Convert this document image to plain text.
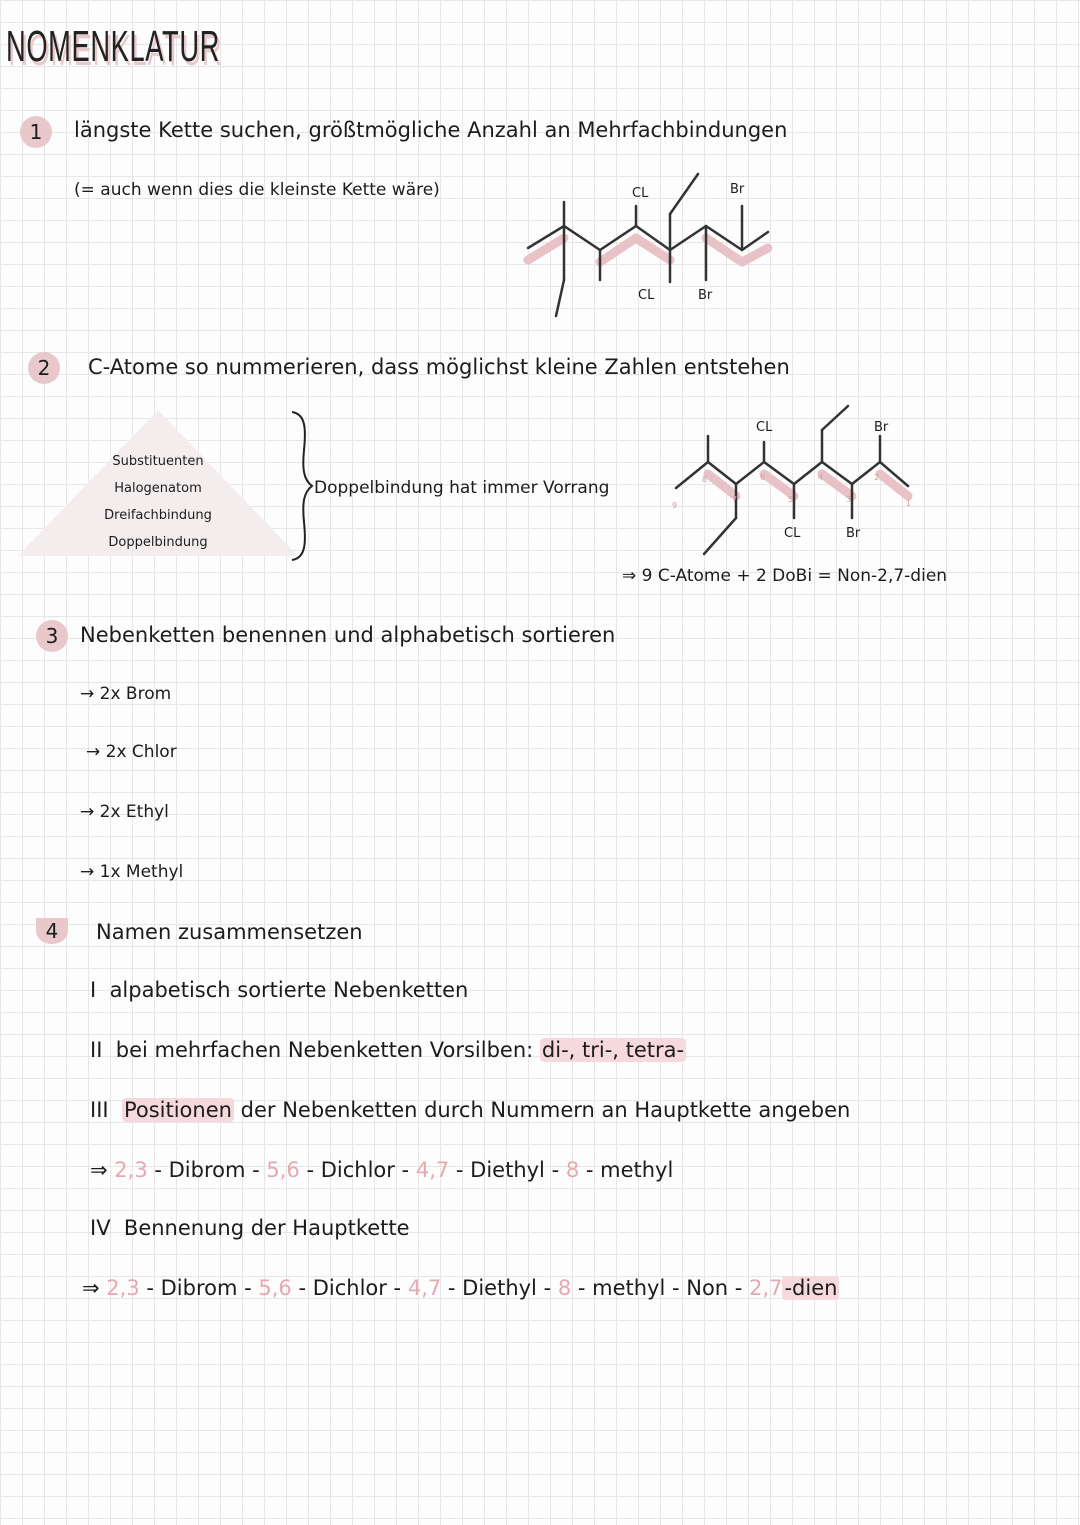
NOMENKLATUR
1	längste Kette suchen, größtmögliche Anzahl an Mehrfachbindungen
(= auch wenn dies die kleinste Kette wäre)	CL	Br
CL	Br
2	C-Atome so nummerieren, dass möglichst kleine Zahlen entstehen
Substituenten
Halogenatom
Dreifachbindung
Doppelbindung
Doppelbindung hat immer Vorrang
9
8
7
6
5
4
3
2
1
CL	Br
CL	Br
⇒ 9 C-Atome + 2 DoBi = Non-2,7-dien
3	Nebenketten benennen und alphabetisch sortieren
→ 2x Brom
→ 2x Chlor
→ 2x Ethyl
→ 1x Methyl
4	Namen zusammensetzen
I alpabetisch sortierte Nebenketten
II bei mehrfachen Nebenketten Vorsilben: di-, tri-, tetra-
III Positionen der Nebenketten durch Nummern an Hauptkette angeben
⇒ 2,3 - Dibrom - 5,6 - Dichlor - 4,7 - Diethyl - 8 - methyl
IV Bennenung der Hauptkette
⇒ 2,3 - Dibrom - 5,6 - Dichlor - 4,7 - Diethyl - 8 - methyl - Non - 2,7-dien
